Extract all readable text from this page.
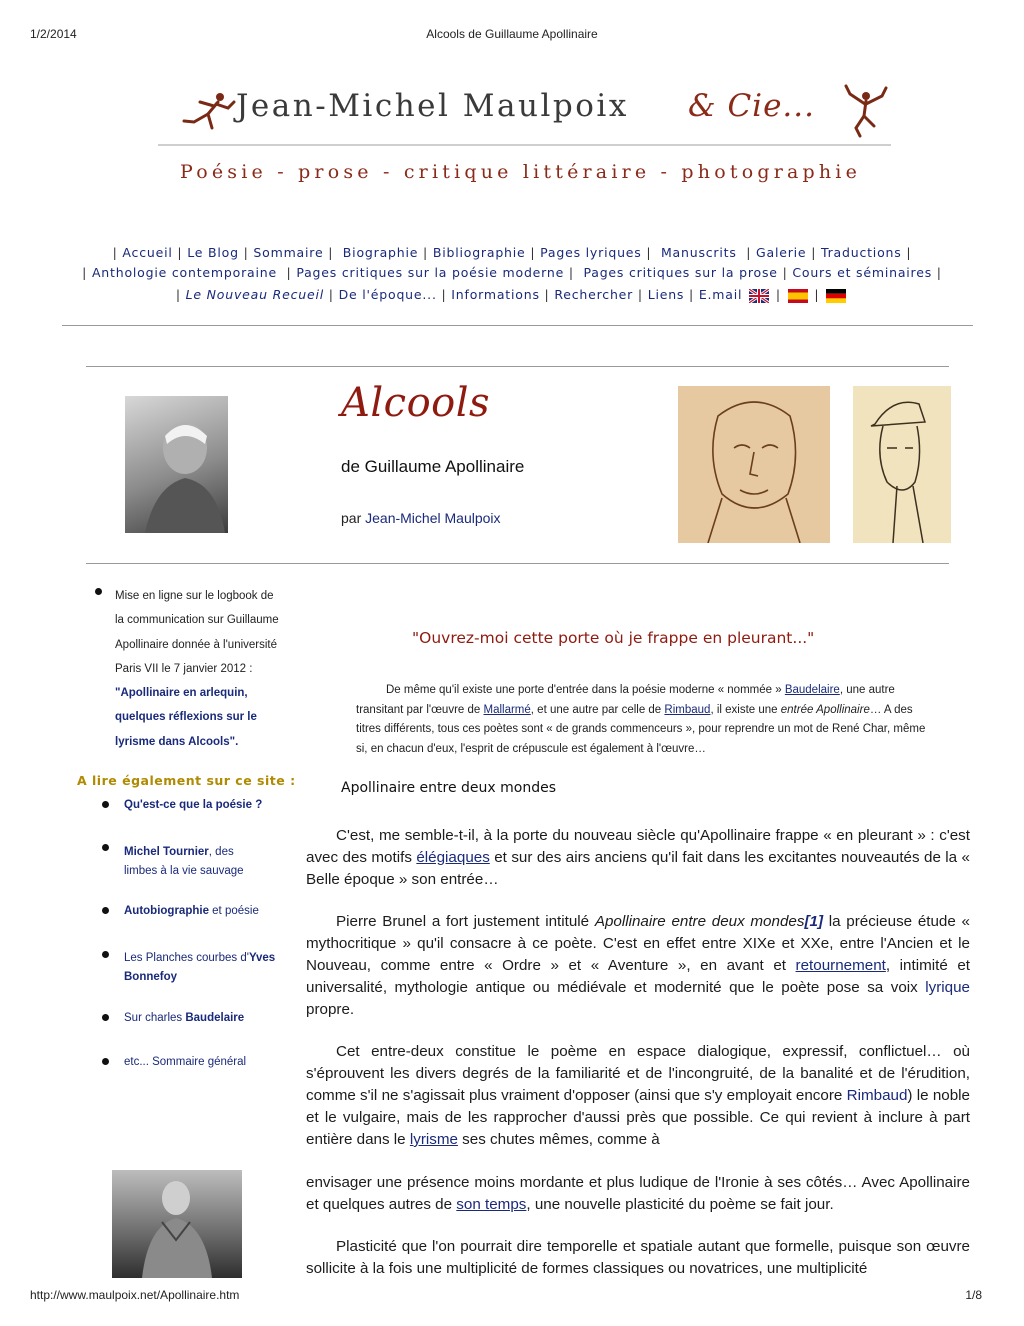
1/2/2014	Alcools de Guillaume Apollinaire
Jean-Michel Maulpoix & Cie...
Poésie - prose - critique littéraire - photographie
| Accueil | Le Blog | Sommaire |  Biographie | Bibliographie | Pages lyriques |  Manuscrits  | Galerie | Traductions |
| Anthologie contemporaine  | Pages critiques sur la poésie moderne |  Pages critiques sur la prose | Cours et séminaires |
| Le Nouveau Recueil | De l'époque... | Informations | Rechercher | Liens | E.mail  |  |
Alcools
de Guillaume Apollinaire
par Jean-Michel Maulpoix
Mise en ligne sur le logbook de
la communication sur Guillaume
Apollinaire donnée à l'université
Paris VII le 7 janvier 2012 :
"Apollinaire en arlequin,
quelques réflexions sur le
lyrisme dans Alcools".
A lire également sur ce site :
Qu'est-ce que la poésie ?
Michel Tournier, des
limbes à la vie sauvage
Autobiographie et poésie
Les Planches courbes d'Yves
Bonnefoy
Sur charles Baudelaire
etc... Sommaire général
"Ouvrez-moi cette porte où je frappe en pleurant..."
De même qu'il existe une porte d'entrée dans la poésie moderne « nommée » Baudelaire, une autre transitant par l'œuvre de Mallarmé, et une autre par celle de Rimbaud, il existe une entrée Apollinaire… A des titres différents, tous ces poètes sont « de grands commenceurs », pour reprendre un mot de René Char, même si, en chacun d'eux, l'esprit de crépuscule est également à l'œuvre…
Apollinaire entre deux mondes
C'est, me semble-t-il, à la porte du nouveau siècle qu'Apollinaire frappe « en pleurant » : c'est avec des motifs élégiaques et sur des airs anciens qu'il fait dans les excitantes nouveautés de la « Belle époque » son entrée…
Pierre Brunel a fort justement intitulé Apollinaire entre deux mondes[1] la précieuse étude « mythocritique » qu'il consacre à ce poète. C'est en effet entre XIXe et XXe, entre l'Ancien et le Nouveau, comme entre « Ordre » et « Aventure », en avant et retournement, intimité et universalité, mythologie antique ou médiévale et modernité que le poète pose sa voix lyrique propre.
Cet entre-deux constitue le poème en espace dialogique, expressif, conflictuel… où s'éprouvent les divers degrés de la familiarité et de l'incongruité, de la banalité et de l'érudition, comme s'il ne s'agissait plus vraiment d'opposer (ainsi que s'y employait encore Rimbaud) le noble et le vulgaire, mais de les rapprocher d'aussi près que possible. Ce qui revient à inclure à part entière dans le lyrisme ses chutes mêmes, comme à
envisager une présence moins mordante et plus ludique de l'Ironie à ses côtés… Avec Apollinaire et quelques autres de son temps, une nouvelle plasticité du poème se fait jour.
Plasticité que l'on pourrait dire temporelle et spatiale autant que formelle, puisque son œuvre sollicite à la fois une multiplicité de formes classiques ou novatrices, une multiplicité
http://www.maulpoix.net/Apollinaire.htm	1/8
